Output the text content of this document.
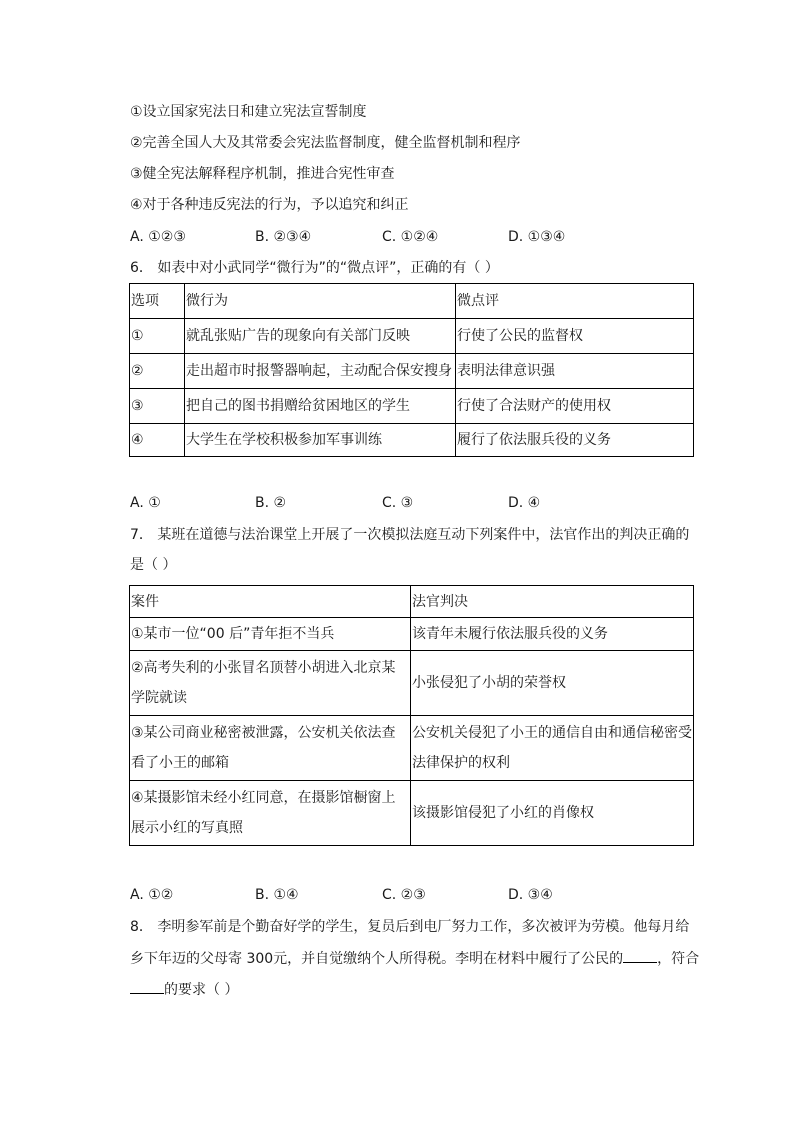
①设立国家宪法日和建立宪法宣誓制度
②完善全国人大及其常委会宪法监督制度，健全监督机制和程序
③健全宪法解释程序机制，推进合宪性审查
④对于各种违反宪法的行为，予以追究和纠正
A. ①②③	B. ②③④	C. ①②④	D. ①③④
6． 如表中对小武同学“微行为”的“微点评”，正确的有（ ）
选项	微行为	微点评
①	就乱张贴广告的现象向有关部门反映	行使了公民的监督权
②	走出超市时报警器响起，主动配合保安搜身	表明法律意识强
③	把自己的图书捐赠给贫困地区的学生	行使了合法财产的使用权
④	大学生在学校积极参加军事训练	履行了依法服兵役的义务
A. ①	B. ②	C. ③	D. ④
7． 某班在道德与法治课堂上开展了一次模拟法庭互动下列案件中，法官作出的判决正确的
是（ ）
案件	法官判决
①某市一位“00 后”青年拒不当兵	该青年未履行依法服兵役的义务
②高考失利的小张冒名顶替小胡进入北京某学院就读	小张侵犯了小胡的荣誉权
③某公司商业秘密被泄露，公安机关依法查看了小王的邮箱	公安机关侵犯了小王的通信自由和通信秘密受法律保护的权利
④某摄影馆未经小红同意，在摄影馆橱窗上展示小红的写真照	该摄影馆侵犯了小红的肖像权
A. ①②	B. ①④	C. ②③	D. ③④
8． 李明参军前是个勤奋好学的学生，复员后到电厂努力工作，多次被评为劳模。他每月给
乡下年迈的父母寄 300元，并自觉缴纳个人所得税。李明在材料中履行了公民的 ，符合
的要求（ ）
